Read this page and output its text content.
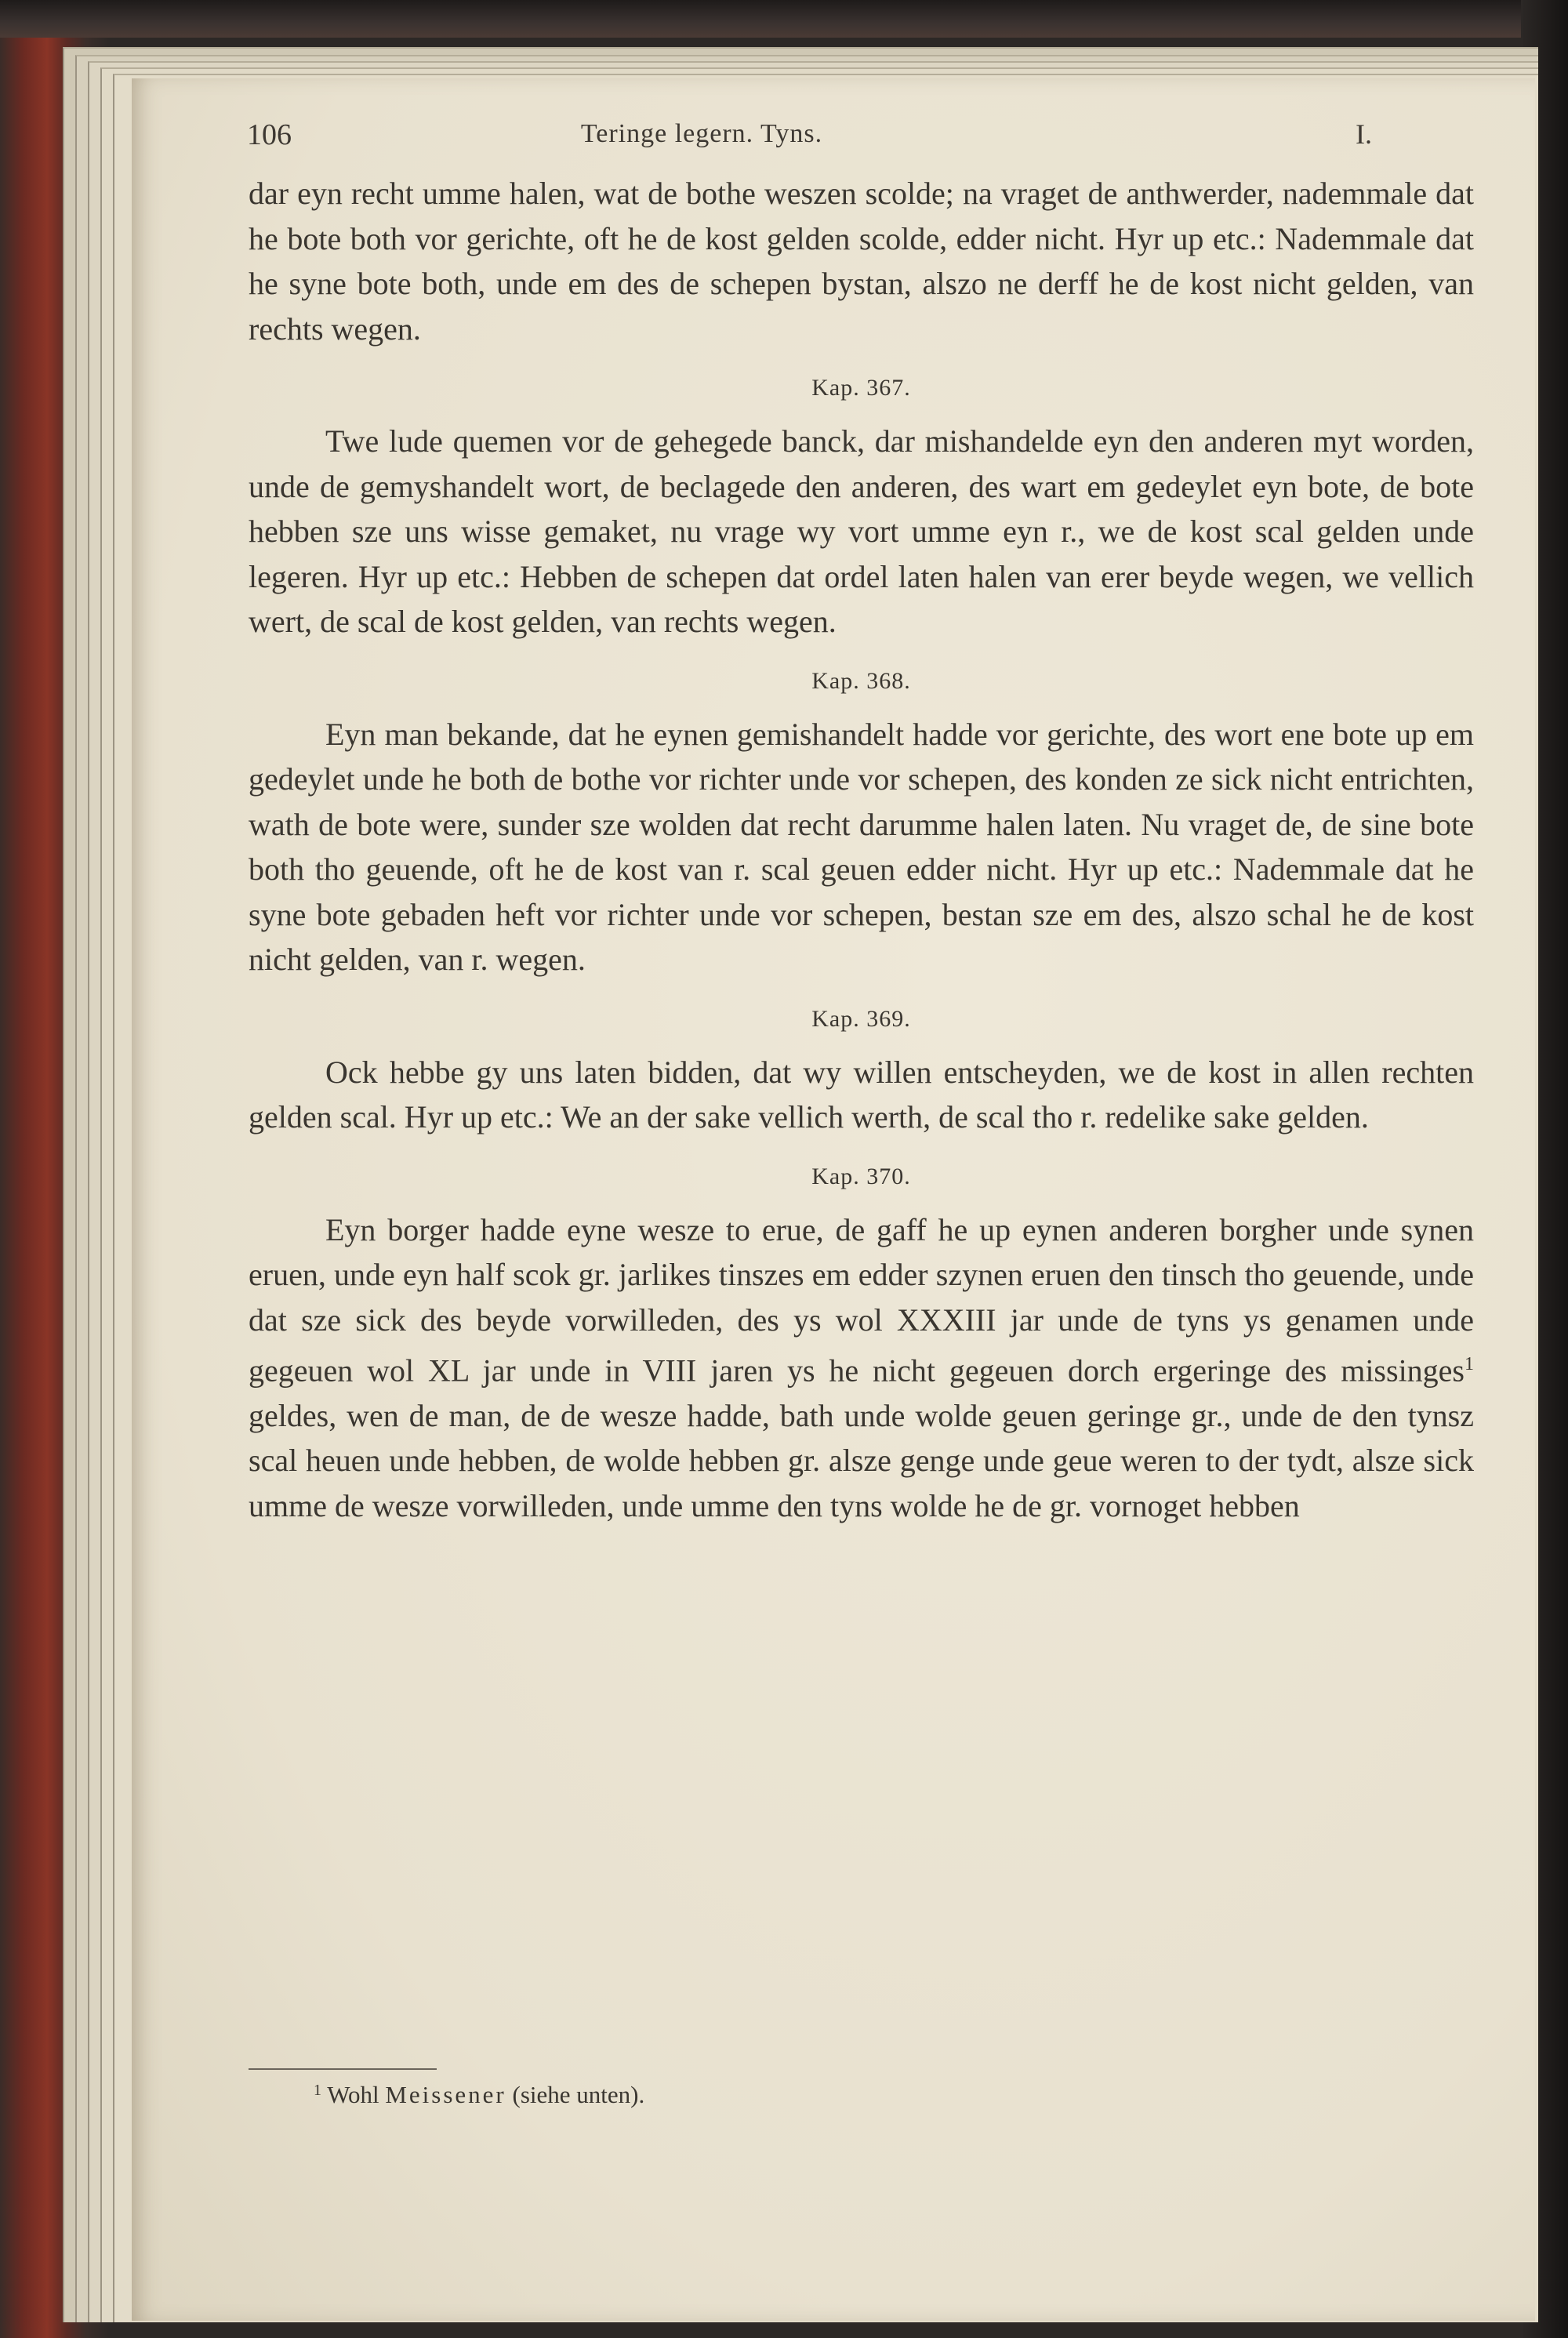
106	Teringe legern. Tyns.	I.

dar eyn recht umme halen, wat de bothe weszen scolde; na vraget de anthwerder, nademmale dat he bote both vor gerichte, oft he de kost gelden scolde, edder nicht. Hyr up etc.: Nademmale dat he syne bote both, unde em des de schepen bystan, alszo ne derff he de kost nicht gelden, van rechts wegen.

Kap. 367.

Twe lude quemen vor de gehegede banck, dar mishandelde eyn den anderen myt worden, unde de gemyshandelt wort, de beclagede den anderen, des wart em gedeylet eyn bote, de bote hebben sze uns wisse gemaket, nu vrage wy vort umme eyn r., we de kost scal gelden unde legeren. Hyr up etc.: Hebben de schepen dat ordel laten halen van erer beyde wegen, we vellich wert, de scal de kost gelden, van rechts wegen.

Kap. 368.

Eyn man bekande, dat he eynen gemishandelt hadde vor gerichte, des wort ene bote up em gedeylet unde he both de bothe vor richter unde vor schepen, des konden ze sick nicht entrichten, wath de bote were, sunder sze wolden dat recht darumme halen laten. Nu vraget de, de sine bote both tho geuende, oft he de kost van r. scal geuen edder nicht. Hyr up etc.: Nademmale dat he syne bote gebaden heft vor richter unde vor schepen, bestan sze em des, alszo schal he de kost nicht gelden, van r. wegen.

Kap. 369.

Ock hebbe gy uns laten bidden, dat wy willen entscheyden, we de kost in allen rechten gelden scal. Hyr up etc.: We an der sake vellich werth, de scal tho r. redelike sake gelden.

Kap. 370.

Eyn borger hadde eyne wesze to erue, de gaff he up eynen anderen borgher unde synen eruen, unde eyn half scok gr. jarlikes tinszes em edder szynen eruen den tinsch tho geuende, unde dat sze sick des beyde vorwilleden, des ys wol XXXIII jar unde de tyns ys genamen unde gegeuen wol XL jar unde in VIII jaren ys he nicht gegeuen dorch ergeringe des missinges$^1$ geldes, wen de man, de de wesze hadde, bath unde wolde geuen geringe gr., unde de den tynsz scal heuen unde hebben, de wolde hebben gr. alsze genge unde geue weren to der tydt, alsze sick umme de wesze vorwilleden, unde umme den tyns wolde he de gr. vornoget hebben

$^1$ Wohl Meissener (siehe unten).
